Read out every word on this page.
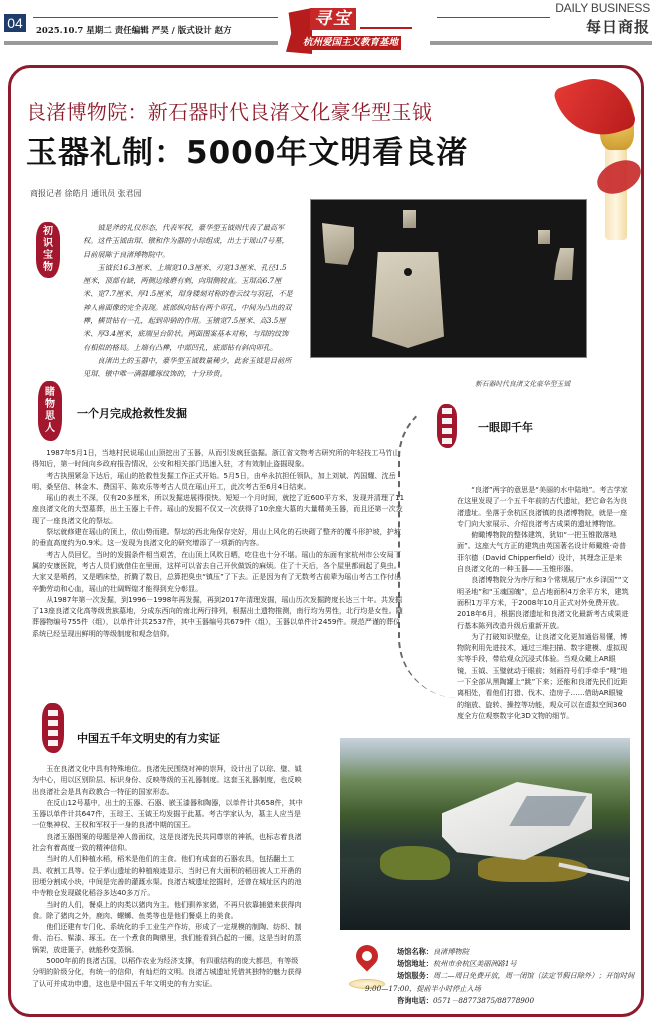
04	2025.10.7 星期二 责任编辑 严昊 / 版式设计 赵方
寻宝
杭州爱国主义教育基地
DAILY BUSINESS
每日商报
良渚博物院：新石器时代良渚文化豪华型玉钺
玉器礼制：5000年文明看良渚
商报记者 徐皓月 通讯员 张君园
初
识
宝
物

钺是斧的礼仪形态，代表军权，豪华型玉钺则代表了最高军权。这件玉钺由瑁、镦和作为器的小琮组成，出土于瑶山7号墓，目前展陈于良渚博物院中。

玉钺长16.3厘米、上端宽10.3厘米、刃宽13厘米、孔径1.5厘米，顶部有缺，两侧边缘磨有刺，向瑁侧较直。玉瑁高6.7厘米、宽7.7厘米、厚1.5厘米，瑁身镂刻对称的卷云纹与羽冠，不是神人兽面像的完全表现。底部纵向钻有两个卯孔，中间为凸出的双榫，横贯钻有一孔，起到卯销的作用。玉镦宽7.5厘米、高3.5厘米、厚3.4厘米，底端呈台阶状。两面图案基本对称，与瑁的纹饰有相似的格局。上端有凸榫，中部凹孔，底部钻有斜向卯孔。

良渚出土的玉器中，豪华型玉钺数量稀少，此套玉钺是目前所见瑁、镦中唯一满器雕琢纹饰的，十分珍贵。

新石器时代良渚文化豪华型玉钺
睹
物
思
人
一个月完成抢救性发掘

1987年5月1日，当地村民说瑶山山顶挖出了玉器，从而引发疯狂盗掘。浙江省文物考古研究所的年轻技工马竹山得知后，第一时间向乡政府报告情况，公安和相关部门迅速入驻，才有效制止盗掘现象。

考古执照紧急下达后，瑶山的抢救性发掘工作正式开始。5月5日，由牟永抗担任领队，加上刘斌、芮国耀、沈岳明、桑坚信、林金木、费国平、陈欢乐等考古人员在瑶山开工，此次考古至6月4日结束。

瑶山的表土不深，仅有20多厘米，所以发掘进展得很快。短短一个月时间，就挖了近600平方米，发现并清理了11座良渚文化的大型墓葬，出土玉器上千件。瑶山的发掘不仅又一次获得了10余座大墓的大量精美玉器，而且还第一次发现了一座良渚文化的祭坛。

祭坛就修建在瑶山的顶上，依山势而建。祭坛的西北角保存完好，用山上风化的石块砌了整齐的覆斗形护坡，护坡的垂直高度约为0.9米。这一发现为良渚文化的研究增添了一项新的内容。

考古人员回忆，当时的发掘条件相当艰苦，在山顶上风吹日晒，吃住也十分不堪。瑶山的东面有家杭州市公安局下属的安康医院，考古人员们就借住在里面，这样可以省去自己开伙做饭的麻烦。住了十天后，各个屋里都闹起了臭虫。大家又是喷药，又是晒床垫，折腾了数日，总算把臭虫“镇压”了下去。正是因为有了无数考古前辈为瑶山考古工作付出辛勤劳动和心血，瑶山的壮阔辉煌才能得到充分彰显。

从1987年第一次发掘，到1996－1998年再发掘，再到2017年清理发掘，瑶山历次发掘跨度长达三十年。共发掘了13座良渚文化高等级贵族墓地，分成东西向的南北两行排列，根据出土遗物推测，南行均为男性，北行均是女性。随葬器物编号755件（组），以单件计共2537件，其中玉器编号共679件（组），玉器以单件计2459件。规范严谨的葬仪系统已经呈现出鲜明的等级制度和观念信仰。

一眼即千年

“良渚”两字的意思是“美丽的水中陆地”。考古学家在这里发现了一个五千年前的古代遗址，把它命名为良渚遗址。坐落于余杭区良渚镇的良渚博物院，就是一座专门向大家展示、介绍良渚考古成果的遗址博物馆。

俯瞰博物院的整体建筑，犹如“一把玉锥散落地面”。这座大气方正的建筑由英国著名设计师戴维·奇普菲尔德（David Chipperfield）设计，其理念正是来自良渚文化的一种玉器——玉锥形器。

良渚博物院分为序厅和3个常规展厅“水乡泽国”“文明圣地”和“玉魂国魄”，总占地面积4万余平方米，建筑面积1万平方米，于2008年10月正式对外免费开放。2018年6月，根据良渚遗址和良渚文化最新考古成果进行基本陈列改造升级后重新开放。

为了打破知识壁垒，让良渚文化更加通俗易懂，博物院利用先进技术，通过三维扫描、数字建模、虚拟现实等手段，带给观众沉浸式体验。当观众戴上AR眼镜，玉钺、玉璧就动于眼前；刻画符号们手牵手“嗖”地一下全部从黑陶罐上“跳”下来；还能和良渚先民们近距离相处，看他们打猎、伐木、造房子……借助AR眼镜的缩放、旋转、操控等功能，观众可以在虚拟空间360度全方位观察数字化3D文物的细节。

中国五千年文明史的有力实证

玉在良渚文化中具有特殊地位。良渚先民围绕对神的崇拜，设计出了以琮、璧、钺为中心，用以区别阶层、标识身份、反映等级的玉礼器制度。这套玉礼器制度，也反映出良渚社会是具有政教合一特征的国家形态。

在反山12号墓中，出土的玉器、石器、嵌玉漆器和陶器，以单件计共658件，其中玉器以单件计共647件，玉琮王、玉钺王均发掘于此墓。考古学家认为，墓主人应当是一位集神权、王权和军权于一身的良渚中期的国王。

良渚玉器图案的母题是神人兽面纹，这是良渚先民共同尊崇的神祇，也标志着良渚社会有着高度一致的精神信仰。

当时的人们种植水稻，稻米是他们的主食。他们有成套的石器农具，包括翻土工具、收割工具等。位于茅山遗址的种植痕迹显示，当时已有大面积的稻田被人工开凿的田埂分割成小块，中间是完善的灌溉水渠。良渚古城遗址挖掘时，还曾在城址区内的池中寺粮仓发现碳化稻谷多达40多万斤。

当时的人们，餐桌上的肉类以猪肉为主。他们驯养家猪，不再只依靠捕猎来获得肉食。除了猪肉之外，鹿肉、螺蛳、鱼类等也是他们餐桌上的美食。

他们还建有专门化、系统化的手工业生产作坊，形成了一定规模的制陶、纺织、制骨、治石、髹漆、琢玉。在一个煮食的陶鼎里，我们能看到凸起的一圈，这是当时的蒸锅架，放进篦子，就能秒变蒸锅。

5000年前的良渚古国，以稻作农业为经济支撑，有四重结构的庞大都邑，有等级分明的阶级分化，有统一的信仰，有灿烂的文明。良渚古城遗址凭借其独特的魅力获得了认可并成功申遗，这也是中国五千年文明史的有力实证。

场馆名称：良渚博物院

场馆地址：杭州市余杭区美丽洲路1号

场馆服务：周二—周日免费开放，周一闭馆（法定节假日除外）；开馆时间9:00—17:00，提前半小时停止入场

咨询电话：0571－88773875/88778900
